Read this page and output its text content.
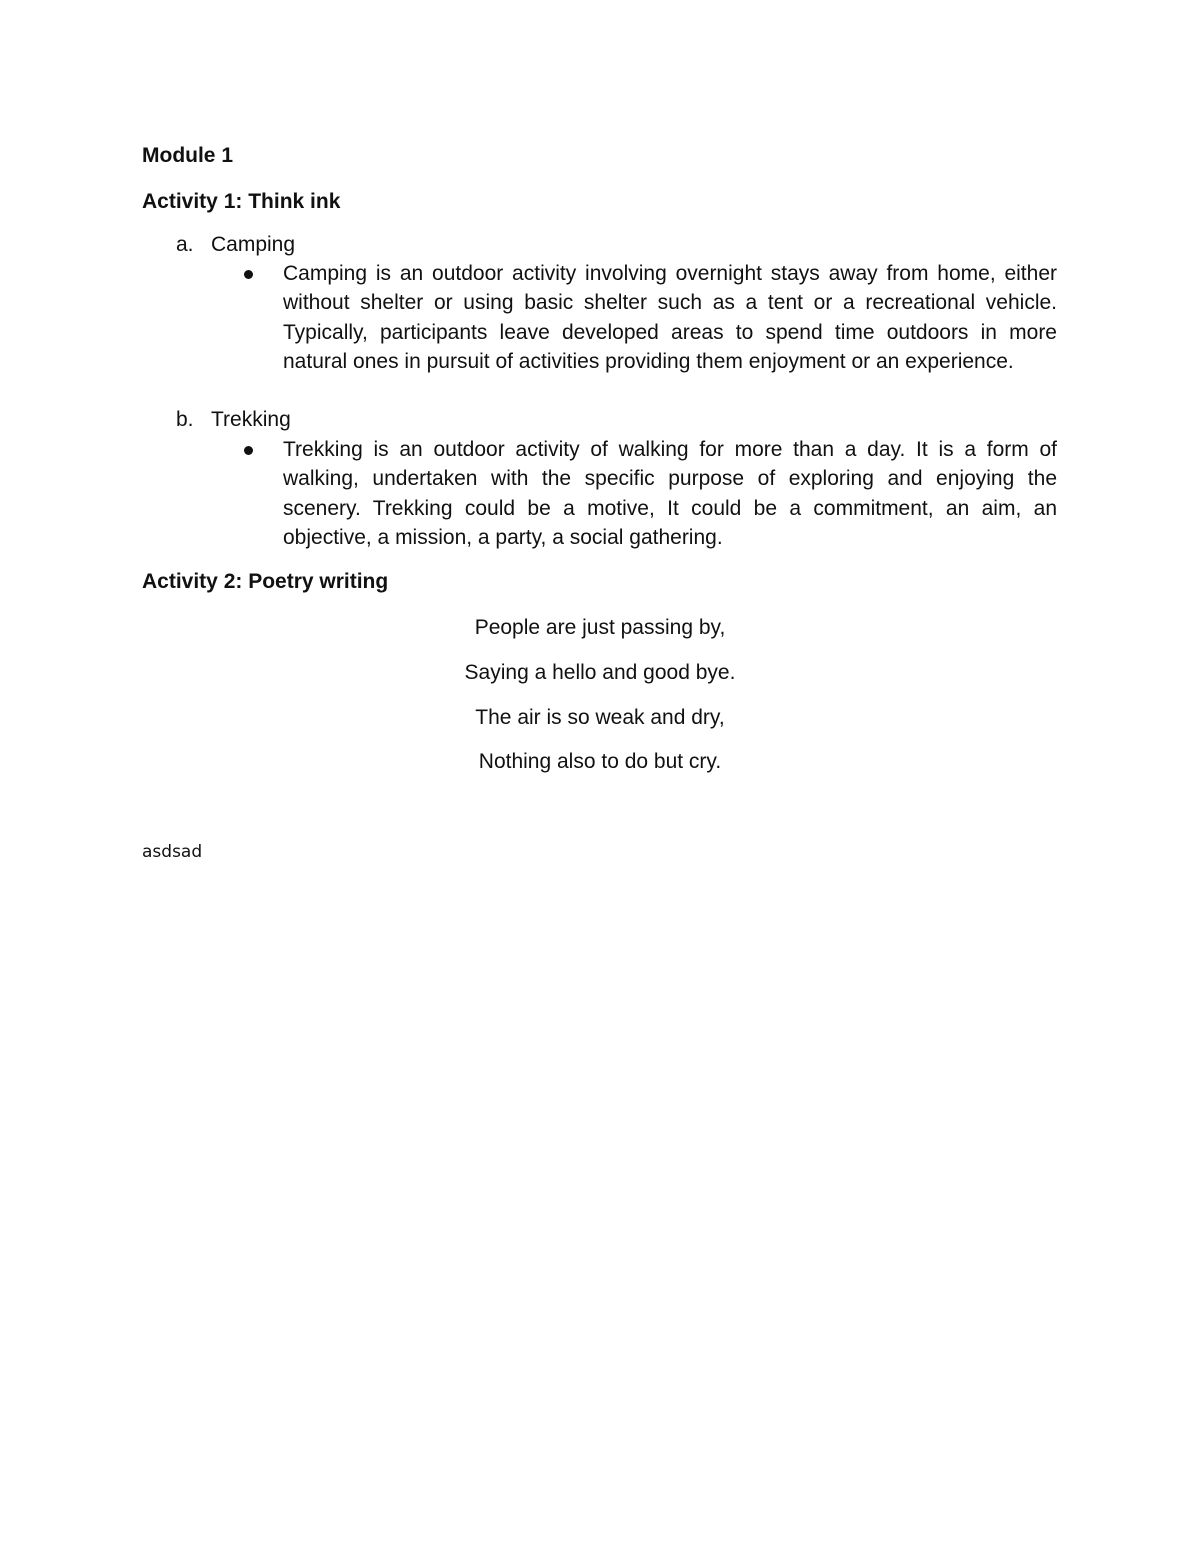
Module 1
Activity 1: Think ink
a. Camping
Camping is an outdoor activity involving overnight stays away from home, either without shelter or using basic shelter such as a tent or a recreational vehicle. Typically, participants leave developed areas to spend time outdoors in more natural ones in pursuit of activities providing them enjoyment or an experience.
b. Trekking
Trekking is an outdoor activity of walking for more than a day. It is a form of walking, undertaken with the specific purpose of exploring and enjoying the scenery. Trekking could be a motive, It could be a commitment, an aim, an objective, a mission, a party, a social gathering.
Activity 2: Poetry writing
People are just passing by,
Saying a hello and good bye.
The air is so weak and dry,
Nothing also to do but cry.
asdsad
